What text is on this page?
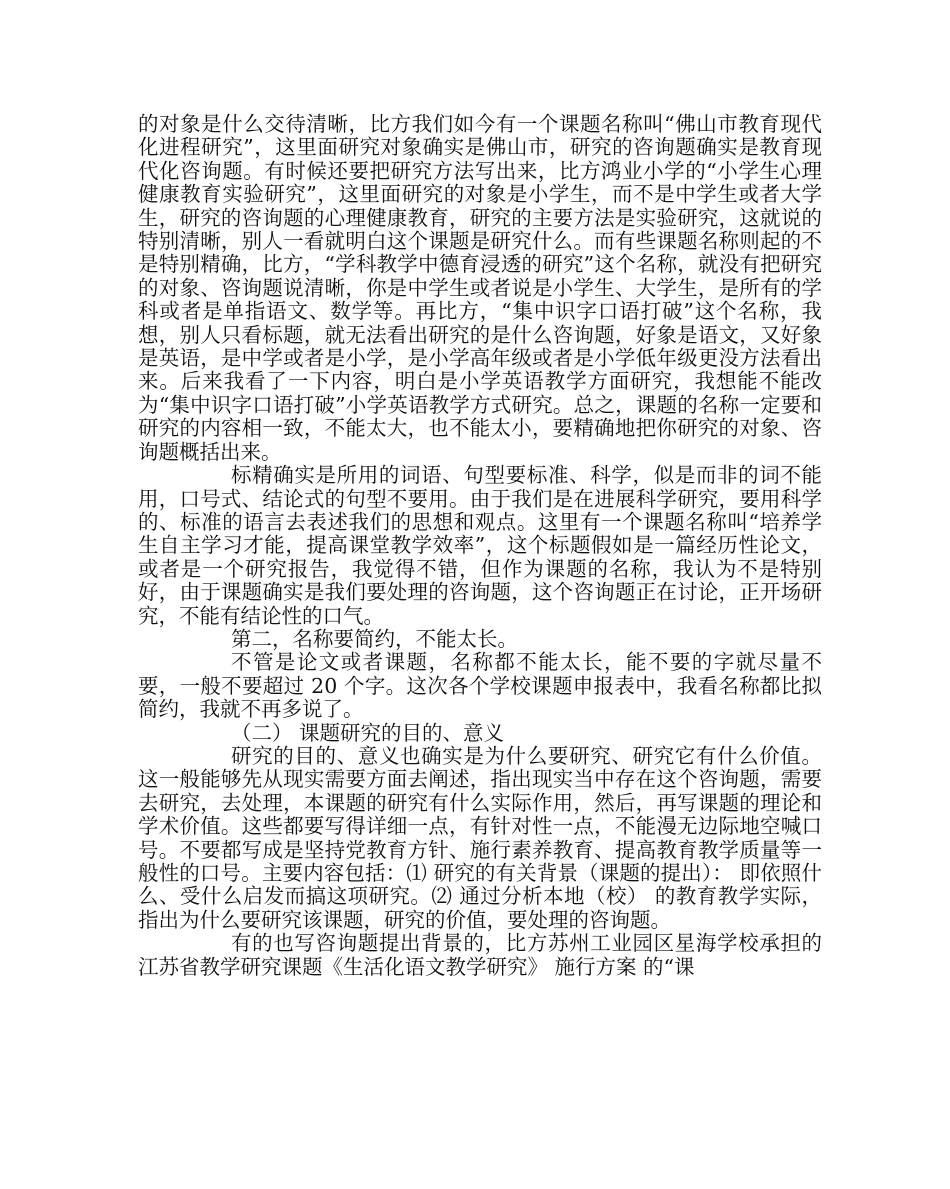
的对象是什么交待清晰，比方我们如今有一个课题名称叫“佛山市教育现代化进程研究”，这里面研究对象确实是佛山市，研究的咨询题确实是教育现代化咨询题。有时候还要把研究方法写出来，比方鸿业小学的“小学生心理健康教育实验研究”，这里面研究的对象是小学生，而不是中学生或者大学生，研究的咨询题的心理健康教育，研究的主要方法是实验研究，这就说的特别清晰，别人一看就明白这个课题是研究什么。而有些课题名称则起的不是特别精确，比方，“学科教学中德育浸透的研究”这个名称，就没有把研究的对象、咨询题说清晰，你是中学生或者说是小学生、大学生，是所有的学科或者是单指语文、数学等。再比方，“集中识字口语打破”这个名称，我想，别人只看标题，就无法看出研究的是什么咨询题，好象是语文，又好象是英语，是中学或者是小学，是小学高年级或者是小学低年级更没方法看出来。后来我看了一下内容，明白是小学英语教学方面研究，我想能不能改为“集中识字口语打破”小学英语教学方式研究。总之，课题的名称一定要和研究的内容相一致，不能太大，也不能太小，要精确地把你研究的对象、咨询题概括出来。

标精确实是所用的词语、句型要标准、科学，似是而非的词不能用，口号式、结论式的句型不要用。由于我们是在进展科学研究，要用科学的、标准的语言去表述我们的思想和观点。这里有一个课题名称叫“培养学生自主学习才能，提高课堂教学效率”，这个标题假如是一篇经历性论文，或者是一个研究报告，我觉得不错，但作为课题的名称，我认为不是特别好，由于课题确实是我们要处理的咨询题，这个咨询题正在讨论，正开场研究，不能有结论性的口气。

第二，名称要简约，不能太长。

不管是论文或者课题，名称都不能太长，能不要的字就尽量不要，一般不要超过 20 个字。这次各个学校课题申报表中，我看名称都比拟简约，我就不再多说了。

（二） 课题研究的目的、意义

研究的目的、意义也确实是为什么要研究、研究它有什么价值。这一般能够先从现实需要方面去阐述，指出现实当中存在这个咨询题，需要去研究，去处理，本课题的研究有什么实际作用，然后，再写课题的理论和学术价值。这些都要写得详细一点，有针对性一点，不能漫无边际地空喊口号。不要都写成是坚持党教育方针、施行素养教育、提高教育教学质量等一般性的口号。主要内容包括：⑴ 研究的有关背景（课题的提出）： 即依照什么、受什么启发而搞这项研究。⑵ 通过分析本地（校） 的教育教学实际，指出为什么要研究该课题，研究的价值，要处理的咨询题。

有的也写咨询题提出背景的，比方苏州工业园区星海学校承担的江苏省教学研究课题《生活化语文教学研究》 施行方案 的“课
